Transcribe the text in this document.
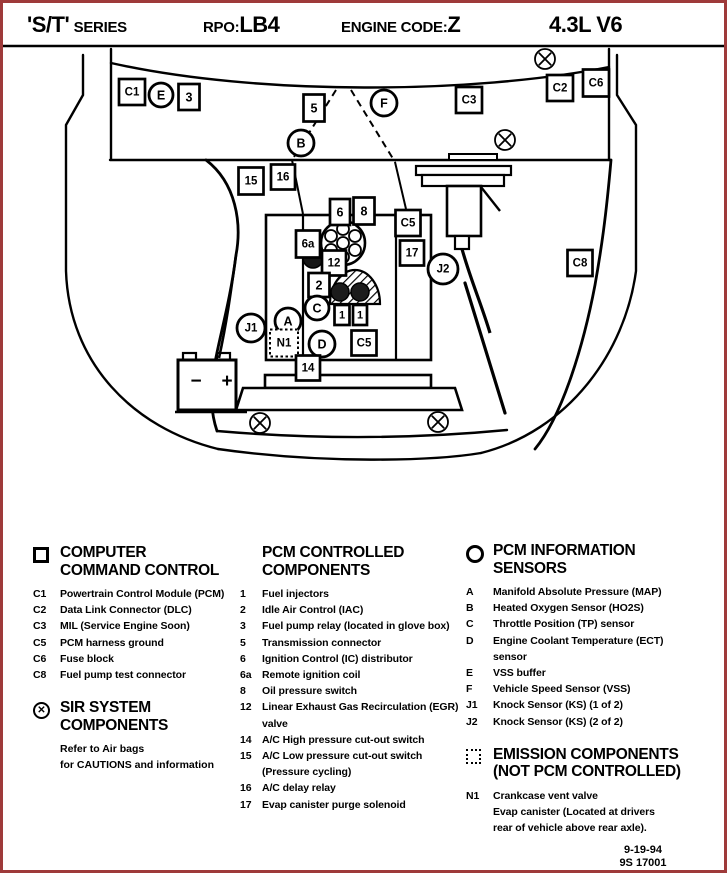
'S/T' SERIES	RPO:LB4	ENGINE CODE:Z	4.3L V6
C1 E 3
5	F
B
C2 C6
C3
15 16
6 8
C5
17
6a
12	J2	C8
2
C 1 1
A
J1
N1 D	C5
14
− +
COMPUTER
COMMAND CONTROL
C1	Powertrain Control Module (PCM)
C2	Data Link Connector (DLC)
C3	MIL (Service Engine Soon)
C5	PCM harness ground
C6	Fuse block
C8	Fuel pump test connector
✕ SIR SYSTEM
COMPONENTS
Refer to Air bags
for CAUTIONS and information
PCM CONTROLLED
COMPONENTS
1	Fuel injectors
2	Idle Air Control (IAC)
3	Fuel pump relay (located in glove box)
5	Transmission connector
6	Ignition Control (IC) distributor
6a	Remote ignition coil
8	Oil pressure switch
12	Linear Exhaust Gas Recirculation (EGR)
valve
14	A/C High pressure cut-out switch
15	A/C Low pressure cut-out switch
(Pressure cycling)
16	A/C delay relay
17	Evap canister purge solenoid
PCM INFORMATION
SENSORS
A	Manifold Absolute Pressure (MAP)
B	Heated Oxygen Sensor (HO2S)
C	Throttle Position (TP) sensor
D	Engine Coolant Temperature (ECT)
sensor
E	VSS buffer
F	Vehicle Speed Sensor (VSS)
J1	Knock Sensor (KS) (1 of 2)
J2	Knock Sensor (KS) (2 of 2)
EMISSION COMPONENTS
(NOT PCM CONTROLLED)
N1	Crankcase vent valve
Evap canister (Located at drivers
rear of vehicle above rear axle).
9-19-94
9S 17001
